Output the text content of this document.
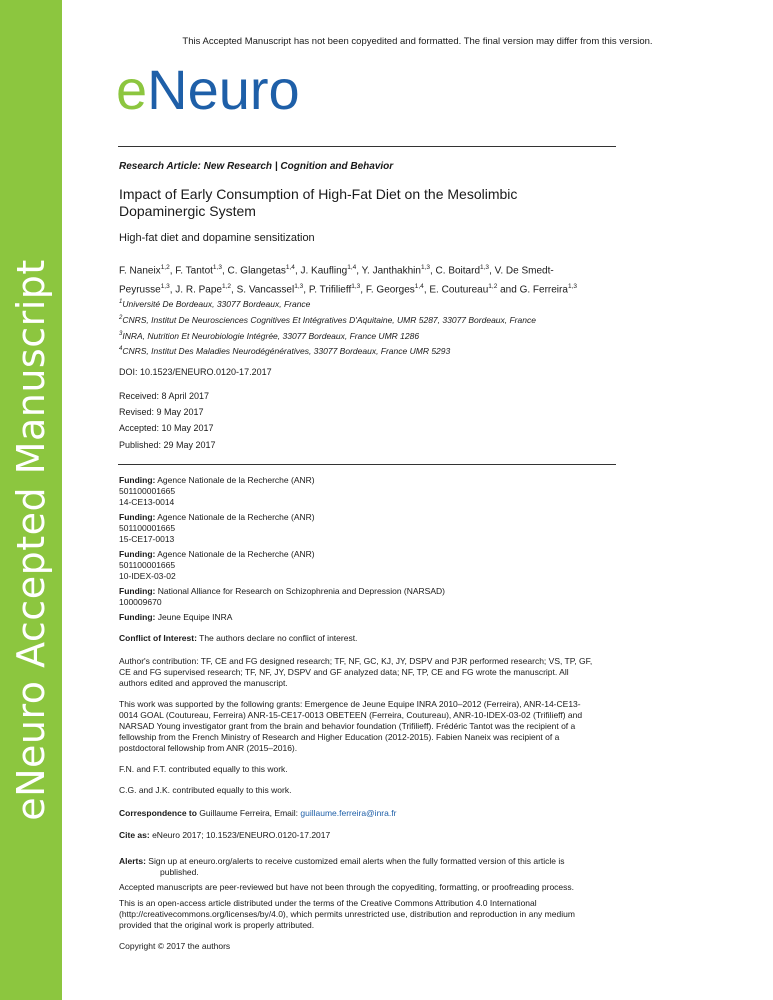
eNeuro Accepted Manuscript
This Accepted Manuscript has not been copyedited and formatted. The final version may differ from this version.
eNeuro
Research Article: New Research | Cognition and Behavior
Impact of Early Consumption of High-Fat Diet on the Mesolimbic Dopaminergic System
High-fat diet and dopamine sensitization
F. Naneix$^{1,2}$, F. Tantot$^{1,3}$, C. Glangetas$^{1,4}$, J. Kaufling$^{1,4}$, Y. Janthakhin$^{1,3}$, C. Boitard$^{1,3}$, V. De Smedt-
Peyrusse$^{1,3}$, J. R. Pape$^{1,2}$, S. Vancassel$^{1,3}$, P. Trifilieff$^{1,3}$, F. Georges$^{1,4}$, E. Coutureau$^{1,2}$ and G. Ferreira$^{1,3}$
$^1$Université De Bordeaux, 33077 Bordeaux, France
$^2$CNRS, Institut De Neurosciences Cognitives Et Intégratives D'Aquitaine, UMR 5287, 33077 Bordeaux, France
$^3$INRA, Nutrition Et Neurobiologie Intégrée, 33077 Bordeaux, France UMR 1286
$^4$CNRS, Institut Des Maladies Neurodégénératives, 33077 Bordeaux, France UMR 5293
DOI: 10.1523/ENEURO.0120-17.2017
Received: 8 April 2017
Revised: 9 May 2017
Accepted: 10 May 2017
Published: 29 May 2017
Funding: Agence Nationale de la Recherche (ANR)
501100001665
14-CE13-0014
Funding: Agence Nationale de la Recherche (ANR)
501100001665
15-CE17-0013
Funding: Agence Nationale de la Recherche (ANR)
501100001665
10-IDEX-03-02
Funding: National Alliance for Research on Schizophrenia and Depression (NARSAD)
100009670
Funding: Jeune Equipe INRA
Conflict of Interest: The authors declare no conflict of interest.
Author's contribution: TF, CE and FG designed research; TF, NF, GC, KJ, JY, DSPV and PJR performed research; VS, TP, GF, CE and FG supervised research; TF, NF, JY, DSPV and GF analyzed data; NF, TP, CE and FG wrote the manuscript. All authors edited and approved the manuscript.
This work was supported by the following grants: Emergence de Jeune Equipe INRA 2010–2012 (Ferreira), ANR-14-CE13-0014 GOAL (Coutureau, Ferreira) ANR-15-CE17-0013 OBETEEN (Ferreira, Coutureau), ANR-10-IDEX-03-02 (Trifilieff) and NARSAD Young investigator grant from the brain and behavior foundation (Trifilieff). Frédéric Tantot was the recipient of a fellowship from the French Ministry of Research and Higher Education (2012-2015). Fabien Naneix was recipient of a postdoctoral fellowship from ANR (2015–2016).
F.N. and F.T. contributed equally to this work.
C.G. and J.K. contributed equally to this work.
Correspondence to Guillaume Ferreira, Email: guillaume.ferreira@inra.fr
Cite as: eNeuro 2017; 10.1523/ENEURO.0120-17.2017
Alerts: Sign up at eneuro.org/alerts to receive customized email alerts when the fully formatted version of this article is
published.
Accepted manuscripts are peer-reviewed but have not been through the copyediting, formatting, or proofreading process.
This is an open-access article distributed under the terms of the Creative Commons Attribution 4.0 International (http://creativecommons.org/licenses/by/4.0), which permits unrestricted use, distribution and reproduction in any medium provided that the original work is properly attributed.
Copyright © 2017 the authors
